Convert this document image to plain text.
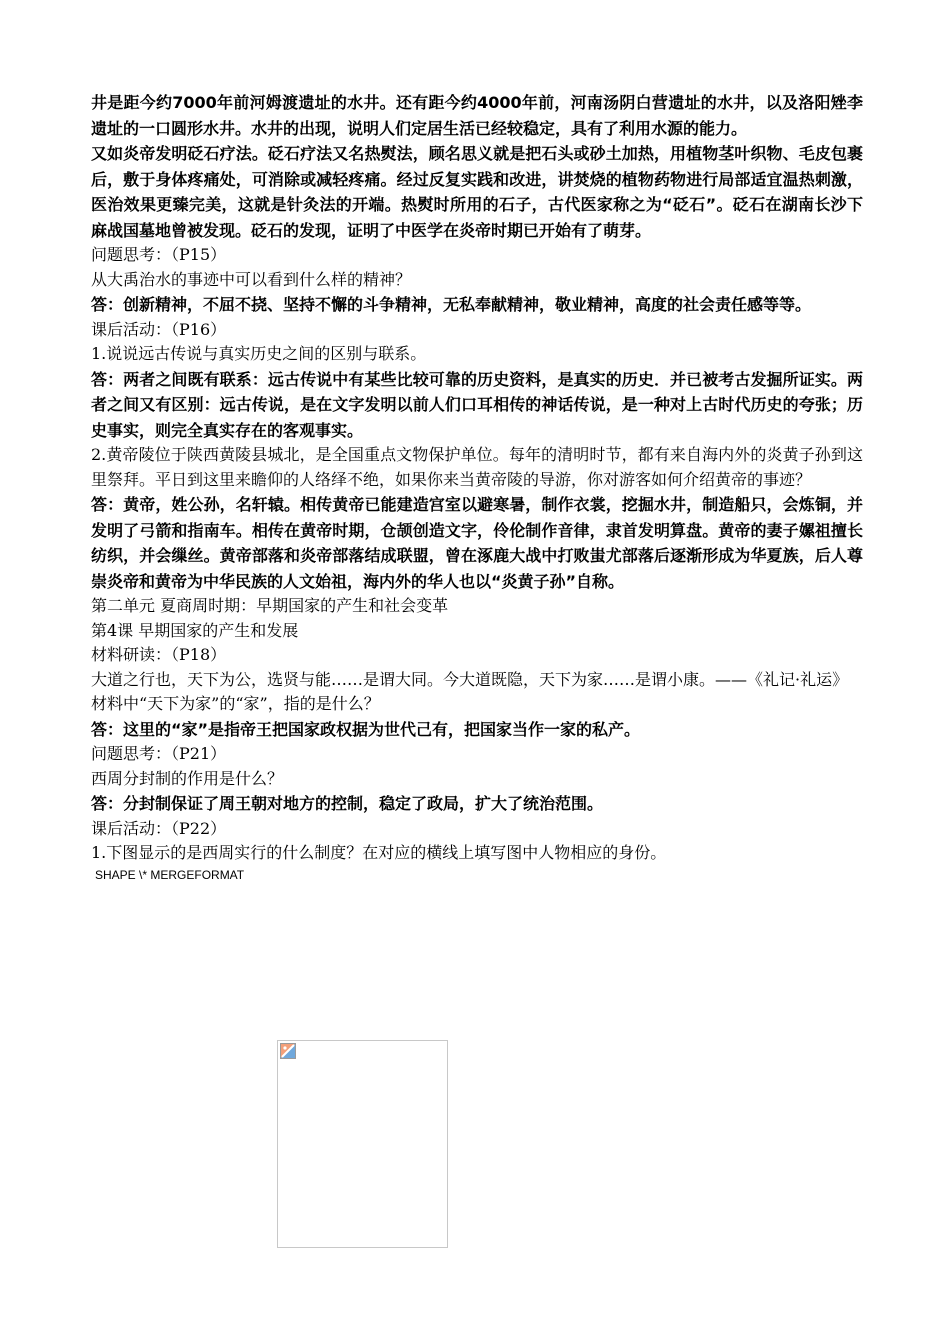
井是距今约7000年前河姆渡遗址的水井。还有距今约4000年前，河南汤阴白营遗址的水井，以及洛阳矬李遗址的一口圆形水井。水井的出现，说明人们定居生活已经较稳定，具有了利用水源的能力。

又如炎帝发明砭石疗法。砭石疗法又名热熨法，顾名思义就是把石头或砂土加热，用植物茎叶织物、毛皮包裹后，敷于身体疼痛处，可消除或减轻疼痛。经过反复实践和改进，讲焚烧的植物药物进行局部适宜温热刺激，医治效果更臻完美，这就是针灸法的开端。热熨时所用的石子，古代医家称之为“砭石”。砭石在湖南长沙下麻战国墓地曾被发现。砭石的发现，证明了中医学在炎帝时期已开始有了萌芽。

问题思考：（P15）

从大禹治水的事迹中可以看到什么样的精神？

答：创新精神，不屈不挠、坚持不懈的斗争精神，无私奉献精神，敬业精神，高度的社会责任感等等。

课后活动：（P16）

1.说说远古传说与真实历史之间的区别与联系。

答：两者之间既有联系：远古传说中有某些比较可靠的历史资料，是真实的历史．并已被考古发掘所证实。两者之间又有区别：远古传说，是在文字发明以前人们口耳相传的神话传说，是一种对上古时代历史的夸张；历史事实，则完全真实存在的客观事实。

2.黄帝陵位于陕西黄陵县城北，是全国重点文物保护单位。每年的清明时节，都有来自海内外的炎黄子孙到这里祭拜。平日到这里来瞻仰的人络绎不绝，如果你来当黄帝陵的导游，你对游客如何介绍黄帝的事迹？

答：黄帝，姓公孙，名轩辕。相传黄帝已能建造宫室以避寒暑，制作衣裳，挖掘水井，制造船只，会炼铜，并发明了弓箭和指南车。相传在黄帝时期，仓颉创造文字，伶伦制作音律，隶首发明算盘。黄帝的妻子嫘祖擅长纺织，并会缫丝。黄帝部落和炎帝部落结成联盟，曾在涿鹿大战中打败蚩尤部落后逐渐形成为华夏族，后人尊崇炎帝和黄帝为中华民族的人文始祖，海内外的华人也以“炎黄子孙”自称。

第二单元 夏商周时期：早期国家的产生和社会变革

第4课 早期国家的产生和发展

材料研读：（P18）

大道之行也，天下为公，选贤与能……是谓大同。今大道既隐，天下为家……是谓小康。——《礼记·礼运》

材料中“天下为家”的“家”，指的是什么？

答：这里的“家”是指帝王把国家政权据为世代己有，把国家当作一家的私产。

问题思考：（P21）

西周分封制的作用是什么？

答：分封制保证了周王朝对地方的控制，稳定了政局，扩大了统治范围。

课后活动：（P22）

1.下图显示的是西周实行的什么制度？在对应的横线上填写图中人物相应的身份。

SHAPE \* MERGEFORMAT
